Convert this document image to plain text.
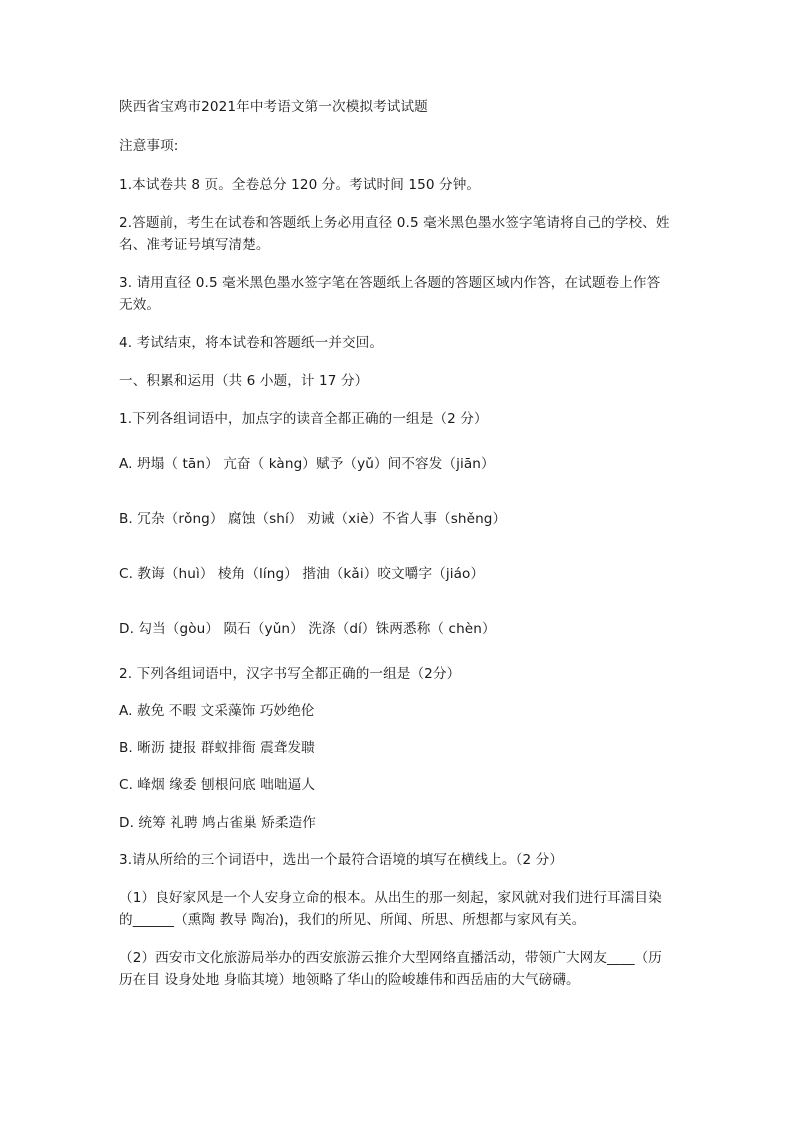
陕西省宝鸡市2021年中考语文第一次模拟考试试题

注意事项:

1.本试卷共 8 页。全卷总分 120 分。考试时间 150 分钟。

2.答题前，考生在试卷和答题纸上务必用直径 0.5 毫米黑色墨水签字笔请将自己的学校、姓

名、准考证号填写清楚。

3. 请用直径 0.5 毫米黑色墨水签字笔在答题纸上各题的答题区域内作答，在试题卷上作答

无效。

4. 考试结束，将本试卷和答题纸一并交回。

一、积累和运用（共 6 小题，计 17 分）

1.下列各组词语中，加点字的读音全都正确的一组是（2 分）

A. 坍塌（ tān） 亢奋（ kàng）赋予（yǔ）间不容发（jiān）

B. 冗杂（rǒng） 腐蚀（shí） 劝诫（xiè）不省人事（shěng）

C. 教诲（huì） 棱角（líng） 揩油（kǎi）咬文嚼字（jiáo）

D. 勾当（gòu） 陨石（yǔn） 洗涤（dí）铢两悉称（ chèn）

2. 下列各组词语中，汉字书写全都正确的一组是（2分）

A. 赦免 不暇 文采藻饰 巧妙绝伦

B. 晰沥 捷报 群蚁排衙 震聋发聩

C. 峰烟 缘委 刨根问底 咄咄逼人

D. 统筹 礼聘 鸠占雀巢 矫柔造作

3.请从所给的三个词语中，选出一个最符合语境的填写在横线上。（2 分）

（1）良好家风是一个人安身立命的根本。从出生的那一刻起，家风就对我们进行耳濡目染

的______（熏陶 教导 陶冶)，我们的所见、所闻、所思、所想都与家风有关。

（2）西安市文化旅游局举办的西安旅游云推介大型网络直播活动，带领广大网友____（历

历在目 设身处地 身临其境）地领略了华山的险峻雄伟和西岳庙的大气磅礴。
